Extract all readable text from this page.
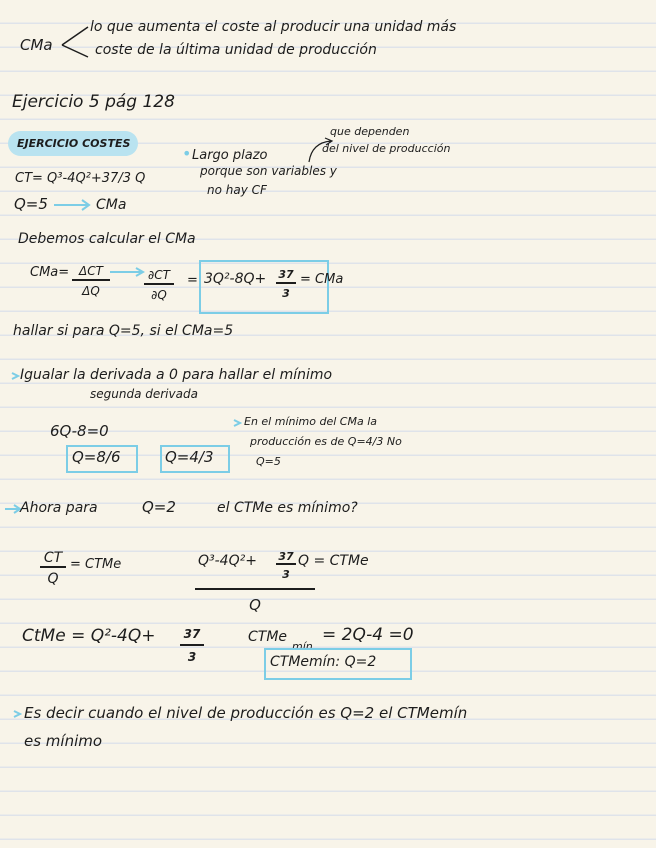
CMa
lo que aumenta el coste al producir una unidad más
coste de la última unidad de producción
Ejercicio 5 pág 128
EJERCICIO COSTES
• Largo plazo
porque son variables y
no hay CF
que dependen
del nivel de producción
CT= Q³-4Q²+37/3 Q
Q=5	CMa
Debemos calcular el CMa
CMa= ΔCT
ΔQ
∂CT
∂Q
= 3Q²-8Q+ 37
3
= CMa
hallar si para Q=5, si el CMa=5
Igualar la derivada a 0 para hallar el mínimo
segunda derivada
6Q-8=0
Q=8/6	Q=4/3
En el mínimo del CMa la
producción es de Q=4/3 No
Q=5
Ahora para	Q=2	el CTMe es mínimo?
CT
Q
= CTMe	Q³-4Q²+ 37
3
Q = CTMe
Q
CtMe = Q²-4Q+	37
3
CTMe
mín
= 2Q-4 =0
CTMemín: Q=2
Es decir cuando el nivel de producción es Q=2 el CTMemín
es mínimo
